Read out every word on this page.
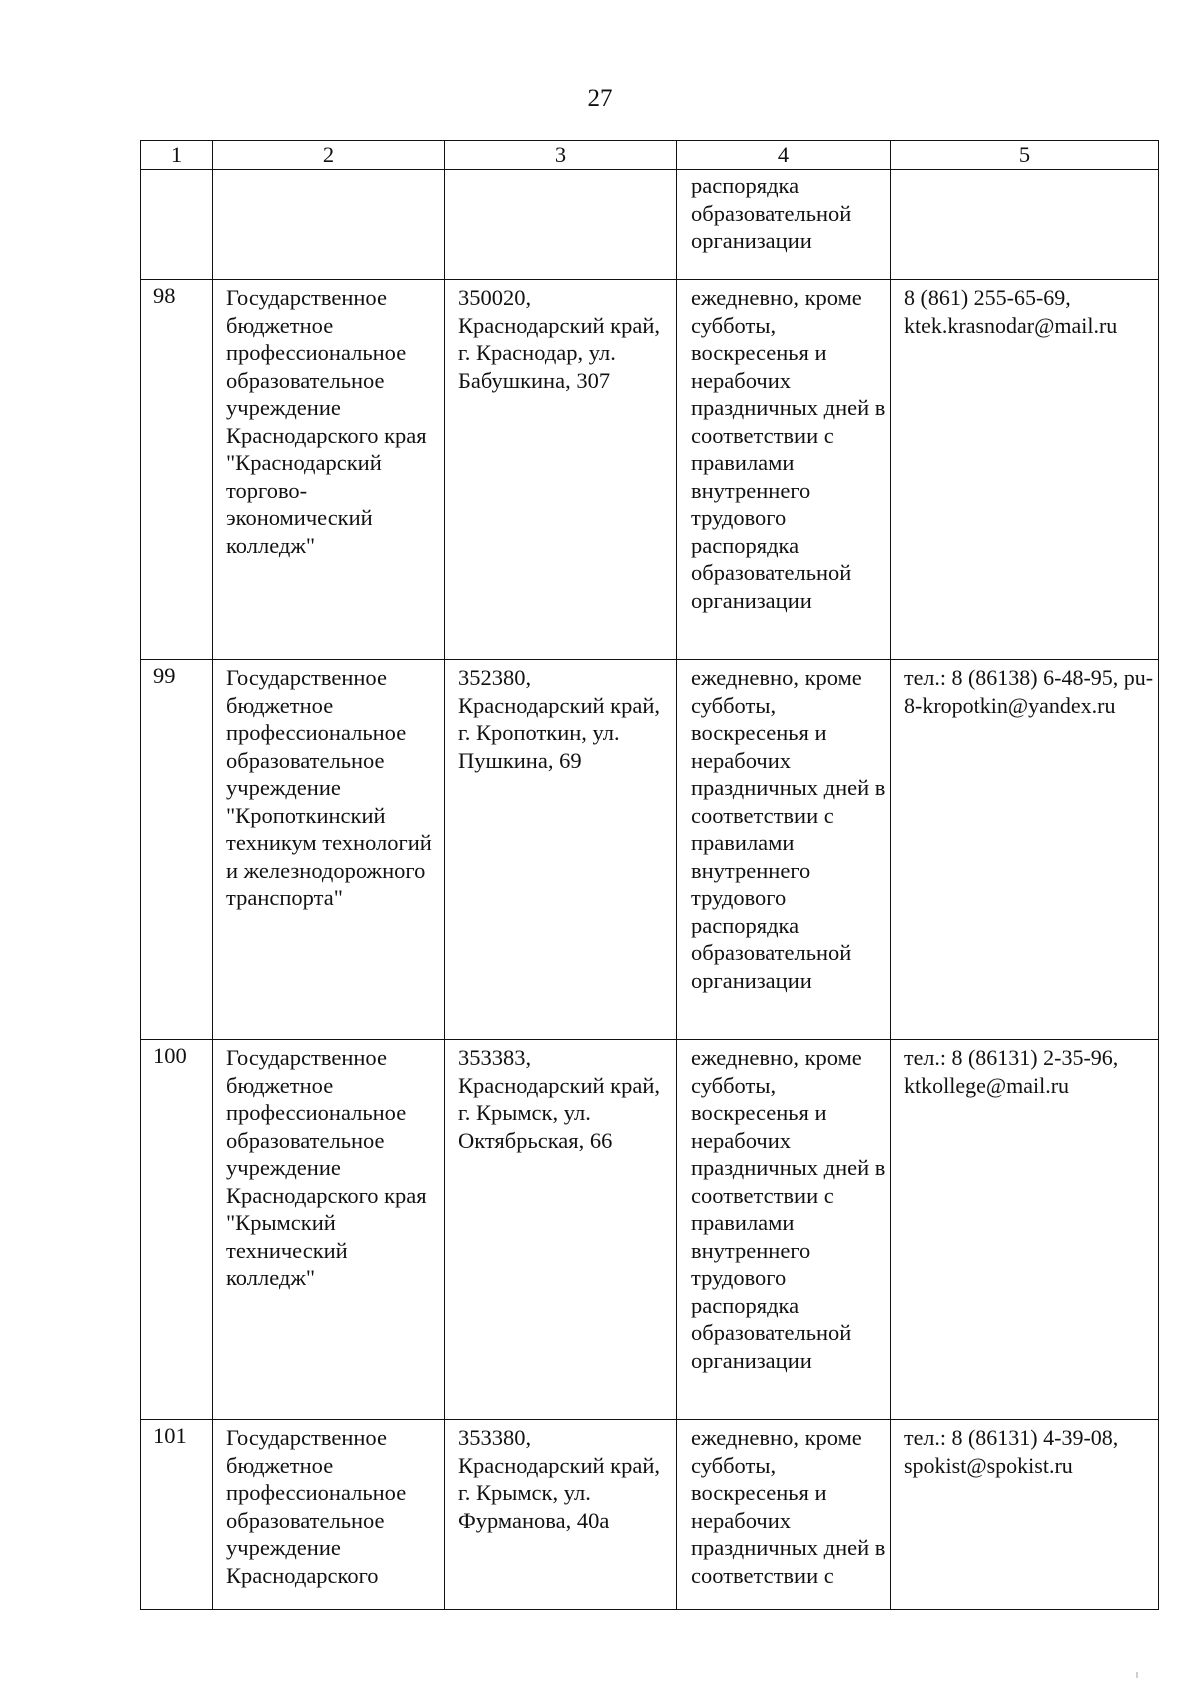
27
1	2	3	4	5

			распорядка образовательной организации	

98	Государственное бюджетное профессиональное образовательное учреждение Краснодарского края "Краснодарский торгово-экономический колледж"	350020, Краснодарский край, г. Краснодар, ул. Бабушкина, 307	ежедневно, кроме субботы, воскресенья и нерабочих праздничных дней в соответствии с правилами внутреннего трудового распорядка образовательной организации	8 (861) 255-65-69, ktek.krasnodar@mail.ru

99	Государственное бюджетное профессиональное образовательное учреждение "Кропоткинский техникум технологий и железнодорожного транспорта"	352380, Краснодарский край, г. Кропоткин, ул. Пушкина, 69	ежедневно, кроме субботы, воскресенья и нерабочих праздничных дней в соответствии с правилами внутреннего трудового распорядка образовательной организации	тел.: 8 (86138) 6-48-95, pu-8-kropotkin@yandex.ru

100	Государственное бюджетное профессиональное образовательное учреждение Краснодарского края "Крымский технический колледж"	353383, Краснодарский край, г. Крымск, ул. Октябрьская, 66	ежедневно, кроме субботы, воскресенья и нерабочих праздничных дней в соответствии с правилами внутреннего трудового распорядка образовательной организации	тел.: 8 (86131) 2-35-96, ktkollege@mail.ru

101	Государственное бюджетное профессиональное образовательное учреждение Краснодарского	353380, Краснодарский край, г. Крымск, ул. Фурманова, 40а	ежедневно, кроме субботы, воскресенья и нерабочих праздничных дней в соответствии с	тел.: 8 (86131) 4-39-08, spokist@spokist.ru
